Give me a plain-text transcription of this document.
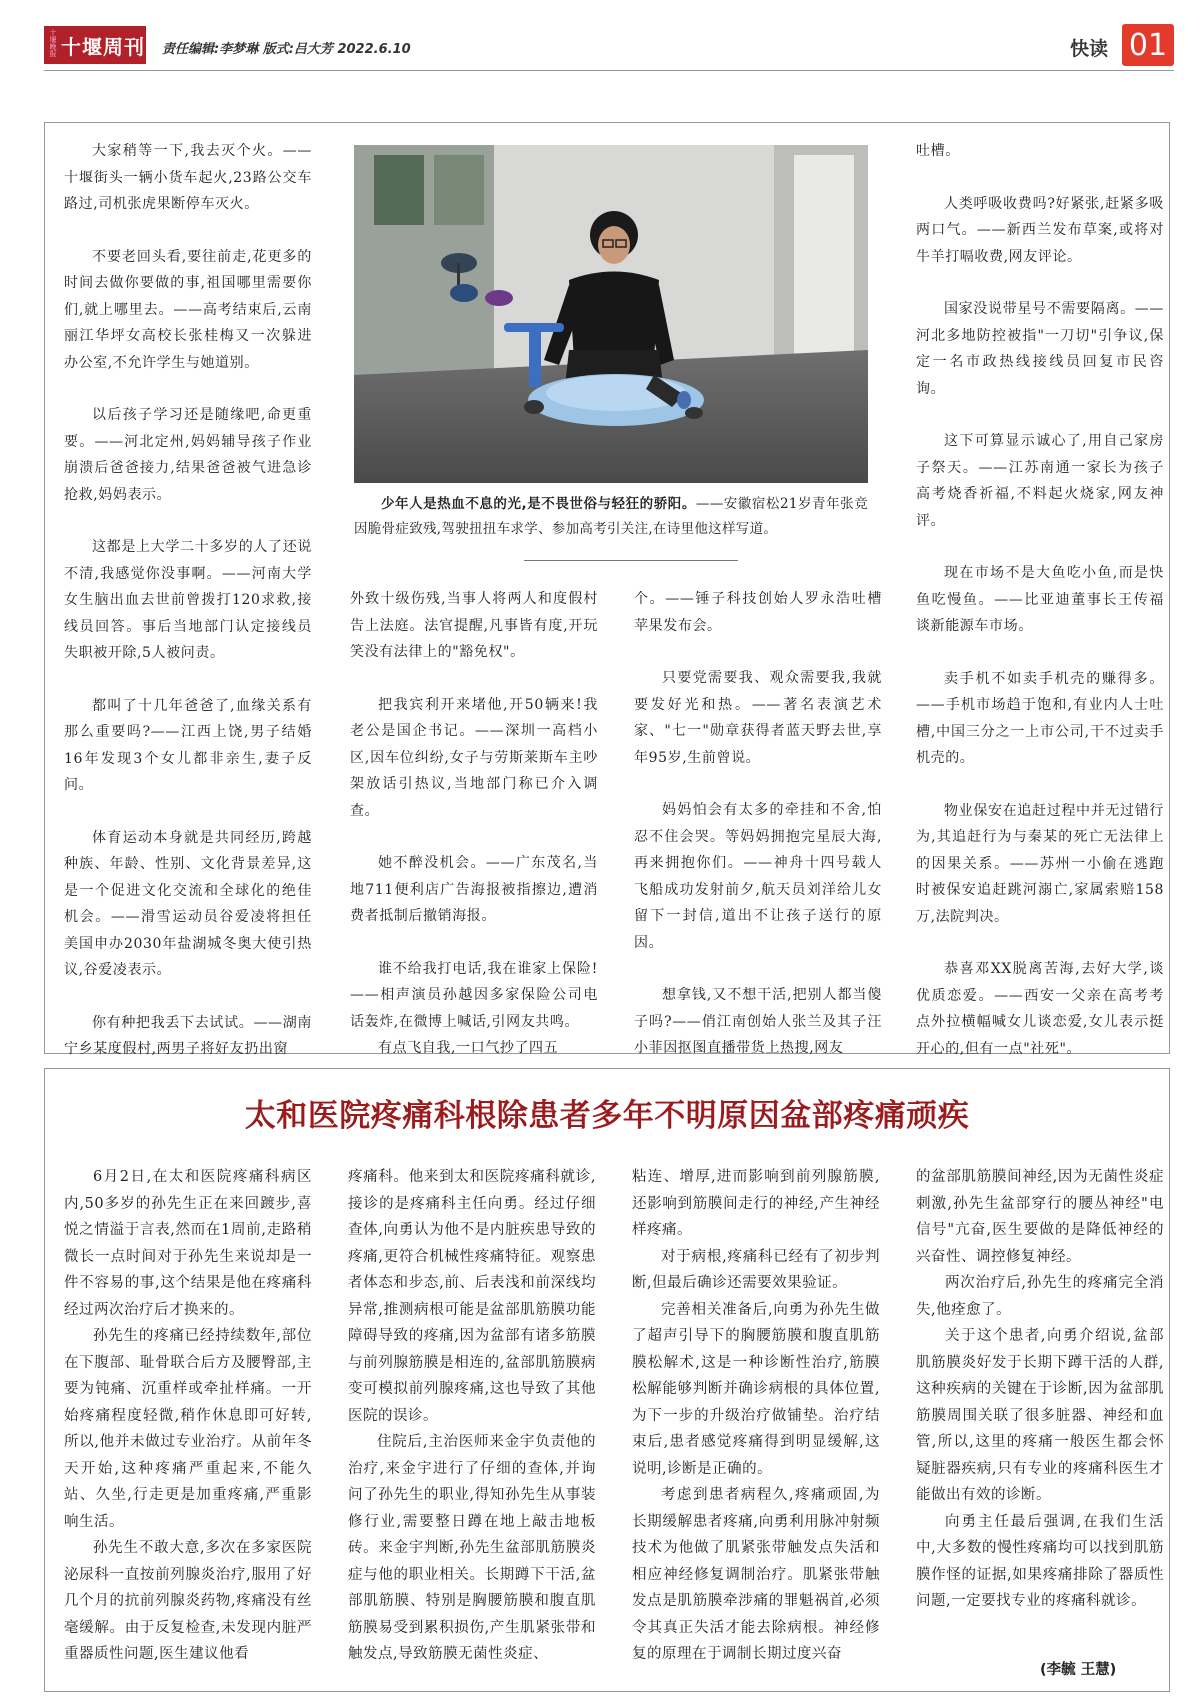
十堰晚报 十堰周刊 责任编辑:李梦琳 版式:吕大芳 2022.6.10	快读 01

大家稍等一下,我去灭个火。——十堰街头一辆小货车起火,23路公交车路过,司机张虎果断停车灭火。

不要老回头看,要往前走,花更多的时间去做你要做的事,祖国哪里需要你们,就上哪里去。——高考结束后,云南丽江华坪女高校长张桂梅又一次躲进办公室,不允许学生与她道别。

以后孩子学习还是随缘吧,命更重要。——河北定州,妈妈辅导孩子作业崩溃后爸爸接力,结果爸爸被气进急诊抢救,妈妈表示。

这都是上大学二十多岁的人了还说不清,我感觉你没事啊。——河南大学女生脑出血去世前曾拨打120求救,接线员回答。事后当地部门认定接线员失职被开除,5人被问责。

都叫了十几年爸爸了,血缘关系有那么重要吗?——江西上饶,男子结婚16年发现3个女儿都非亲生,妻子反问。

体育运动本身就是共同经历,跨越种族、年龄、性别、文化背景差异,这是一个促进文化交流和全球化的绝佳机会。——滑雪运动员谷爱凌将担任美国申办2030年盐湖城冬奥大使引热议,谷爱凌表示。

你有种把我丢下去试试。——湖南宁乡某度假村,两男子将好友扔出窗

少年人是热血不息的光,是不畏世俗与轻狂的骄阳。——安徽宿松21岁青年张竞因脆骨症致残,驾驶扭扭车求学、参加高考引关注,在诗里他这样写道。

外致十级伤残,当事人将两人和度假村告上法庭。法官提醒,凡事皆有度,开玩笑没有法律上的"豁免权"。

把我宾利开来堵他,开50辆来!我老公是国企书记。——深圳一高档小区,因车位纠纷,女子与劳斯莱斯车主吵架放话引热议,当地部门称已介入调查。

她不醉没机会。——广东茂名,当地711便利店广告海报被指擦边,遭消费者抵制后撤销海报。

谁不给我打电话,我在谁家上保险!——相声演员孙越因多家保险公司电话轰炸,在微博上喊话,引网友共鸣。

有点飞自我,一口气抄了四五

个。——锤子科技创始人罗永浩吐槽苹果发布会。

只要党需要我、观众需要我,我就要发好光和热。——著名表演艺术家、"七一"勋章获得者蓝天野去世,享年95岁,生前曾说。

妈妈怕会有太多的牵挂和不舍,怕忍不住会哭。等妈妈拥抱完星辰大海,再来拥抱你们。——神舟十四号载人飞船成功发射前夕,航天员刘洋给儿女留下一封信,道出不让孩子送行的原因。

想拿钱,又不想干活,把别人都当傻子吗?——俏江南创始人张兰及其子汪小菲因抠图直播带货上热搜,网友

吐槽。

人类呼吸收费吗?好紧张,赶紧多吸两口气。——新西兰发布草案,或将对牛羊打嗝收费,网友评论。

国家没说带星号不需要隔离。——河北多地防控被指"一刀切"引争议,保定一名市政热线接线员回复市民咨询。

这下可算显示诚心了,用自己家房子祭天。——江苏南通一家长为孩子高考烧香祈福,不料起火烧家,网友神评。

现在市场不是大鱼吃小鱼,而是快鱼吃慢鱼。——比亚迪董事长王传福谈新能源车市场。

卖手机不如卖手机壳的赚得多。——手机市场趋于饱和,有业内人士吐槽,中国三分之一上市公司,干不过卖手机壳的。

物业保安在追赶过程中并无过错行为,其追赶行为与秦某的死亡无法律上的因果关系。——苏州一小偷在逃跑时被保安追赶跳河溺亡,家属索赔158万,法院判决。

恭喜邓XX脱离苦海,去好大学,谈优质恋爱。——西安一父亲在高考考点外拉横幅喊女儿谈恋爱,女儿表示挺开心的,但有一点"社死"。

太和医院疼痛科根除患者多年不明原因盆部疼痛顽疾

6月2日,在太和医院疼痛科病区内,50多岁的孙先生正在来回踱步,喜悦之情溢于言表,然而在1周前,走路稍微长一点时间对于孙先生来说却是一件不容易的事,这个结果是他在疼痛科经过两次治疗后才换来的。

孙先生的疼痛已经持续数年,部位在下腹部、耻骨联合后方及腰臀部,主要为钝痛、沉重样或牵扯样痛。一开始疼痛程度轻微,稍作休息即可好转,所以,他并未做过专业治疗。从前年冬天开始,这种疼痛严重起来,不能久站、久坐,行走更是加重疼痛,严重影响生活。

孙先生不敢大意,多次在多家医院泌尿科一直按前列腺炎治疗,服用了好几个月的抗前列腺炎药物,疼痛没有丝毫缓解。由于反复检查,未发现内脏严重器质性问题,医生建议他看

疼痛科。他来到太和医院疼痛科就诊,接诊的是疼痛科主任向勇。经过仔细查体,向勇认为他不是内脏疾患导致的疼痛,更符合机械性疼痛特征。观察患者体态和步态,前、后表浅和前深线均异常,推测病根可能是盆部肌筋膜功能障碍导致的疼痛,因为盆部有诸多筋膜与前列腺筋膜是相连的,盆部肌筋膜病变可模拟前列腺疼痛,这也导致了其他医院的误诊。

住院后,主治医师来金宇负责他的治疗,来金宇进行了仔细的查体,并询问了孙先生的职业,得知孙先生从事装修行业,需要整日蹲在地上敲击地板砖。来金宇判断,孙先生盆部肌筋膜炎症与他的职业相关。长期蹲下干活,盆部肌筋膜、特别是胸腰筋膜和腹直肌筋膜易受到累积损伤,产生肌紧张带和触发点,导致筋膜无菌性炎症、

粘连、增厚,进而影响到前列腺筋膜,还影响到筋膜间走行的神经,产生神经样疼痛。

对于病根,疼痛科已经有了初步判断,但最后确诊还需要效果验证。

完善相关准备后,向勇为孙先生做了超声引导下的胸腰筋膜和腹直肌筋膜松解术,这是一种诊断性治疗,筋膜松解能够判断并确诊病根的具体位置,为下一步的升级治疗做铺垫。治疗结束后,患者感觉疼痛得到明显缓解,这说明,诊断是正确的。

考虑到患者病程久,疼痛顽固,为长期缓解患者疼痛,向勇利用脉冲射频技术为他做了肌紧张带触发点失活和相应神经修复调制治疗。肌紧张带触发点是肌筋膜牵涉痛的罪魁祸首,必须令其真正失活才能去除病根。神经修复的原理在于调制长期过度兴奋

的盆部肌筋膜间神经,因为无菌性炎症刺激,孙先生盆部穿行的腰丛神经"电信号"亢奋,医生要做的是降低神经的兴奋性、调控修复神经。

两次治疗后,孙先生的疼痛完全消失,他痊愈了。

关于这个患者,向勇介绍说,盆部肌筋膜炎好发于长期下蹲干活的人群,这种疾病的关键在于诊断,因为盆部肌筋膜周围关联了很多脏器、神经和血管,所以,这里的疼痛一般医生都会怀疑脏器疾病,只有专业的疼痛科医生才能做出有效的诊断。

向勇主任最后强调,在我们生活中,大多数的慢性疼痛均可以找到肌筋膜作怪的证据,如果疼痛排除了器质性问题,一定要找专业的疼痛科就诊。

(李毓 王慧)
